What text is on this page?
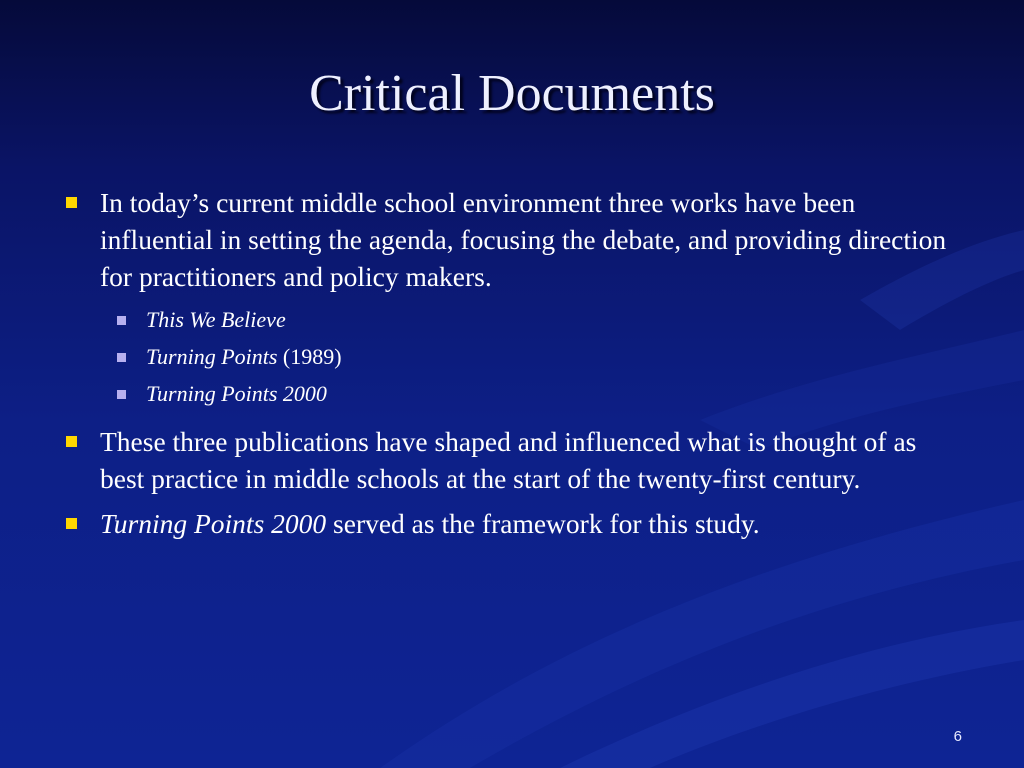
Critical Documents
In today’s current middle school environment three works have been influential in setting the agenda, focusing the debate, and providing direction for practitioners and policy makers.
This We Believe
Turning Points (1989)
Turning Points 2000
These three publications have shaped and influenced what is thought of as best practice in middle schools at the start of the twenty-first century.
Turning Points 2000 served as the framework for this study.
6
